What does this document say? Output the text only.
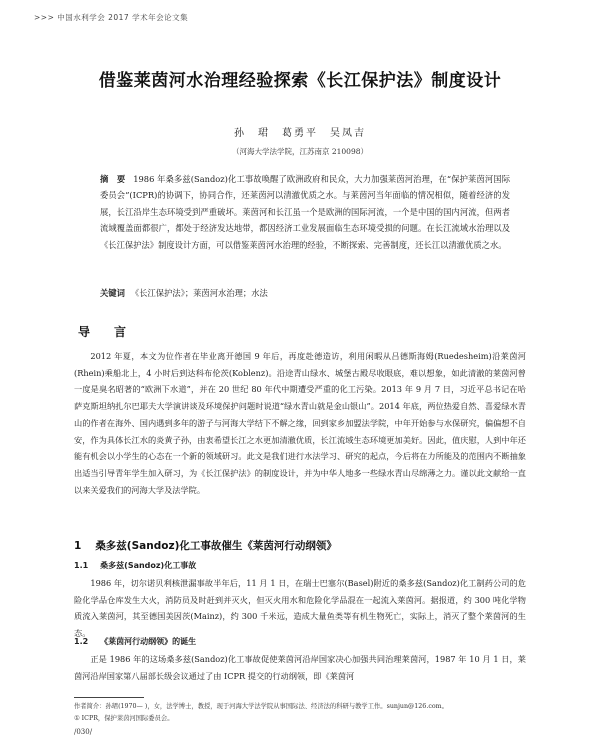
>>> 中国水利学会 2017 学术年会论文集
借鉴莱茵河水治理经验探索《长江保护法》制度设计
孙　珺　葛勇平　吴凤吉
（河海大学法学院，江苏南京 210098）
摘　要 1986 年桑多兹(Sandoz)化工事故唤醒了欧洲政府和民众，大力加强莱茵河治理，在“保护莱茵河国际委员会”(ICPR)的协调下，协同合作，还莱茵河以清澈优质之水。与莱茵河当年面临的情况相似，随着经济的发展，长江沿岸生态环境受到严重破坏。莱茵河和长江虽一个是欧洲的国际河流，一个是中国的国内河流，但两者流域覆盖面都很广，都处于经济发达地带，都因经济工业发展面临生态环境受损的问题。在长江流域水治理以及《长江保护法》制度设计方面，可以借鉴莱茵河水治理的经验，不断探索、完善制度，还长江以清澈优质之水。
关键词 《长江保护法》；莱茵河水治理；水法
导　言

2012 年夏，本文为位作者在毕业离开德国 9 年后，再度赴德造访，利用闲暇从吕德斯海姆(Ruedesheim)沿莱茵河(Rhein)乘船北上，4 小时后到达科布伦茨(Koblenz)。沿途青山绿水、城堡古殿尽收眼底，难以想象，如此清澈的莱茵河曾一度是臭名昭著的“欧洲下水道”，并在 20 世纪 80 年代中期遭受严重的化工污染。2013 年 9 月 7 日，习近平总书记在哈萨克斯坦纳扎尔巴耶夫大学演讲谈及环境保护问题时说道“绿水青山就是金山银山”。2014 年底，两位热爱自然、喜爱绿水青山的作者在海外、国内遇到多年的游子与河海大学结下不解之缘，回到家乡加盟法学院，中年开始参与水保研究，偏偏想不自安，作为具体长江水的炎黄子孙，由衷希望长江之水更加清澈优质，长江流域生态环境更加美好。因此，值庆慰，人到中年还能有机会以小学生的心态在一个新的领域研习。此文是我们进行水法学习、研究的起点，今后将在力所能及的范围内不断抽象出适当引导青年学生加入研习，为《长江保护法》的制度设计，并为中华人地多一些绿水青山尽绵薄之力。谨以此文献给一直以来关爱我们的河海大学及法学院。

1 桑多兹(Sandoz)化工事故催生《莱茵河行动纲领》
1.1 桑多兹(Sandoz)化工事故

1986 年，切尔诺贝利核泄漏事故半年后，11 月 1 日，在瑞士巴塞尔(Basel)附近的桑多兹(Sandoz)化工制药公司的危险化学品仓库发生大火，消防员及时赶到并灭火，但灭火用水和危险化学品混在一起流入莱茵河。据报道，约 300 吨化学物质流入莱茵河，其至德国美因茨(Mainz)，约 300 千米远，造成大量鱼类等有机生物死亡，实际上，消灭了整个莱茵河的生态。

1.2 《莱茵河行动纲领》的诞生

正是 1986 年的这场桑多兹(Sandoz)化工事故促使莱茵河沿岸国家决心加强共同治理莱茵河，1987 年 10 月 1 日，莱茵河沿岸国家第八届部长级会议通过了由 ICPR 提交的行动纲领，即《莱茵河

作者简介：孙珺(1970— )，女，法学博士，教授，现于河海大学法学院从事国际法、经济法的科研与教学工作。sunjun@126.com。
① ICPR，保护莱茵河国际委员会。
/030/
